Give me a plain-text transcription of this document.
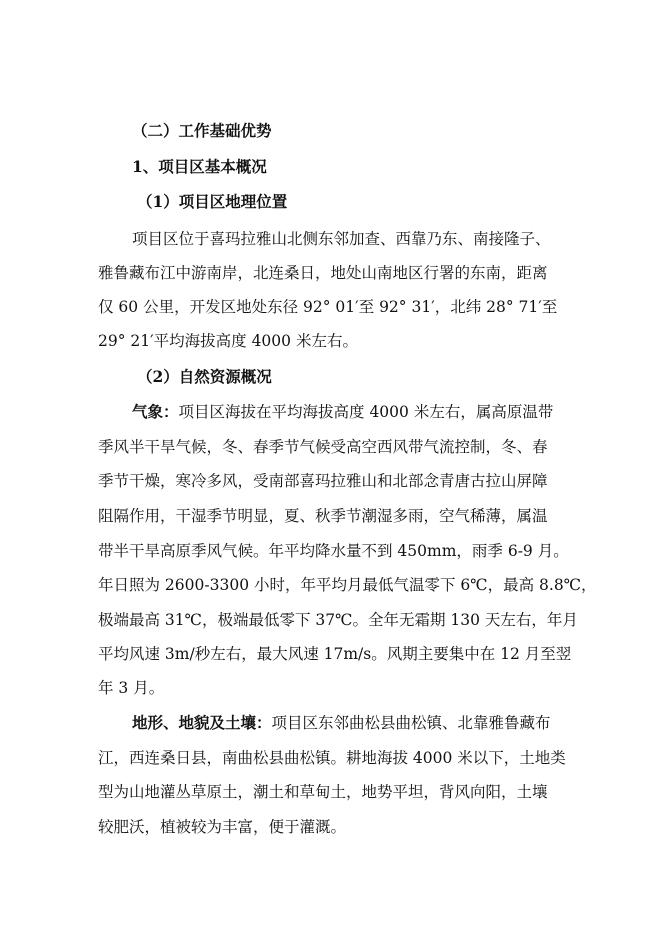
（二）工作基础优势
1、项目区基本概况
（1）项目区地理位置
项目区位于喜玛拉雅山北侧东邻加查、西靠乃东、南接隆子、
雅鲁藏布江中游南岸，北连桑日，地处山南地区行署的东南，距离
仅 60 公里，开发区地处东径 92° 01′至 92° 31′，北纬 28° 71′至
29° 21′平均海拔高度 4000 米左右。
（2）自然资源概况
气象：项目区海拔在平均海拔高度 4000 米左右，属高原温带
季风半干旱气候，冬、春季节气候受高空西风带气流控制，冬、春
季节干燥，寒冷多风，受南部喜玛拉雅山和北部念青唐古拉山屏障
阻隔作用，干湿季节明显，夏、秋季节潮湿多雨，空气稀薄，属温
带半干旱高原季风气候。年平均降水量不到 450mm，雨季 6-9 月。
年日照为 2600-3300 小时，年平均月最低气温零下 6℃，最高 8.8℃，
极端最高 31℃，极端最低零下 37℃。全年无霜期 130 天左右，年月
平均风速 3m/秒左右，最大风速 17m/s。风期主要集中在 12 月至翌
年 3 月。
地形、地貌及土壤：项目区东邻曲松县曲松镇、北靠雅鲁藏布
江，西连桑日县，南曲松县曲松镇。耕地海拔 4000 米以下，土地类
型为山地灌丛草原土，潮土和草甸土，地势平坦，背风向阳，土壤
较肥沃，植被较为丰富，便于灌溉。
